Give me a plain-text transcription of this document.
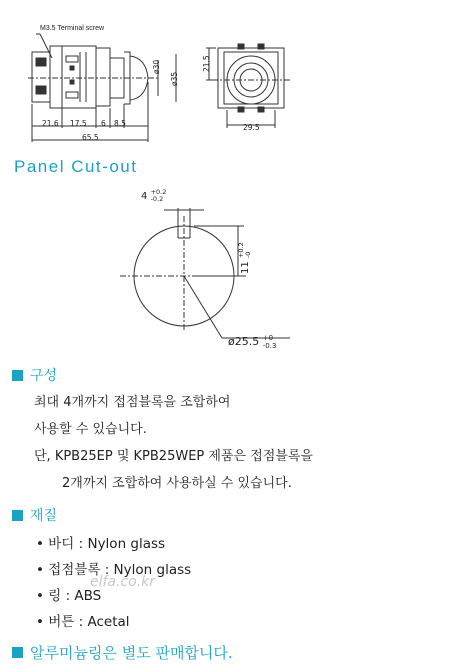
M3.5 Terminal screw
21.6 17.5 6 8.5
65.5
ø30
ø35
21.5
29.5
Panel Cut-out
4 +0.2
-0.2
11
+0.2 -0
ø25.5 +0
-0.3
구성
최대 4개까지 접점블록을 조합하여
사용할 수 있습니다.
단, KPB25EP 및 KPB25WEP 제품은 접점블록을
2개까지 조합하여 사용하실 수 있습니다.
재질
• 바디 : Nylon glass
• 접점블록 : Nylon glass
• 링 : ABS
• 버튼 : Acetal
elfa.co.kr
알루미늄링은 별도 판매합니다.
